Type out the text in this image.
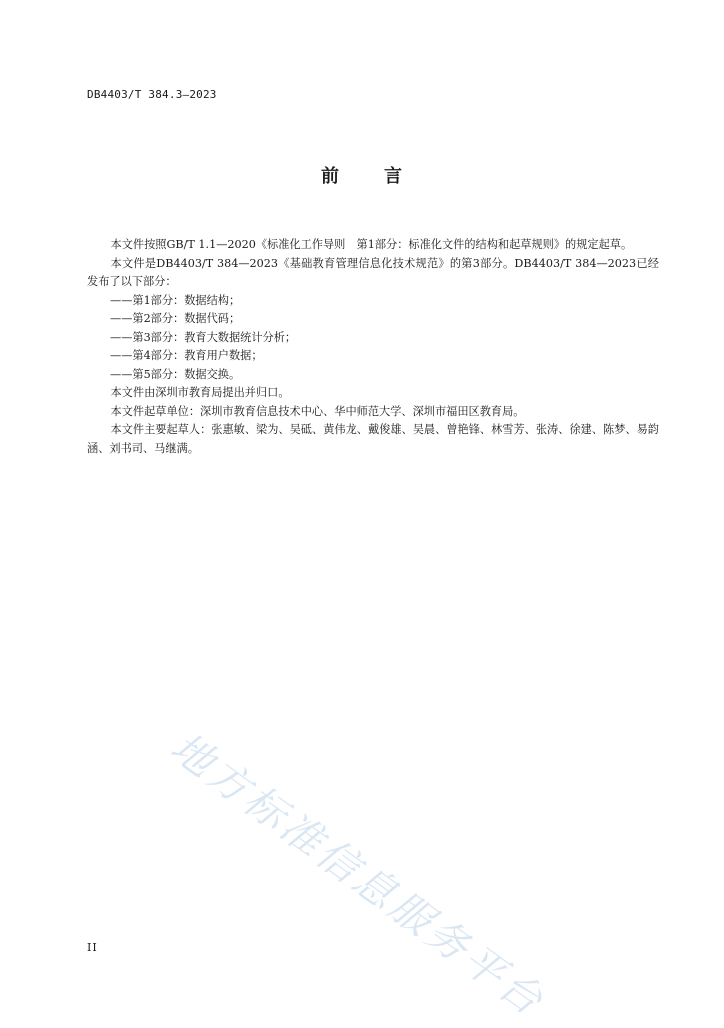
DB4403/T 384.3—2023
前 言

本文件按照GB/T 1.1—2020《标准化工作导则　第1部分：标准化文件的结构和起草规则》的规定起草。

本文件是DB4403/T 384—2023《基础教育管理信息化技术规范》的第3部分。DB4403/T 384—2023已经发布了以下部分：

——第1部分：数据结构；

——第2部分：数据代码；

——第3部分：教育大数据统计分析；

——第4部分：教育用户数据；

——第5部分：数据交换。

本文件由深圳市教育局提出并归口。

本文件起草单位：深圳市教育信息技术中心、华中师范大学、深圳市福田区教育局。

本文件主要起草人：张惠敏、梁为、吴砥、黄伟龙、戴俊雄、吴晨、曾艳锋、林雪芳、张涛、徐建、陈梦、易韵涵、刘书司、马继满。

地方标准信息服务平台
II
